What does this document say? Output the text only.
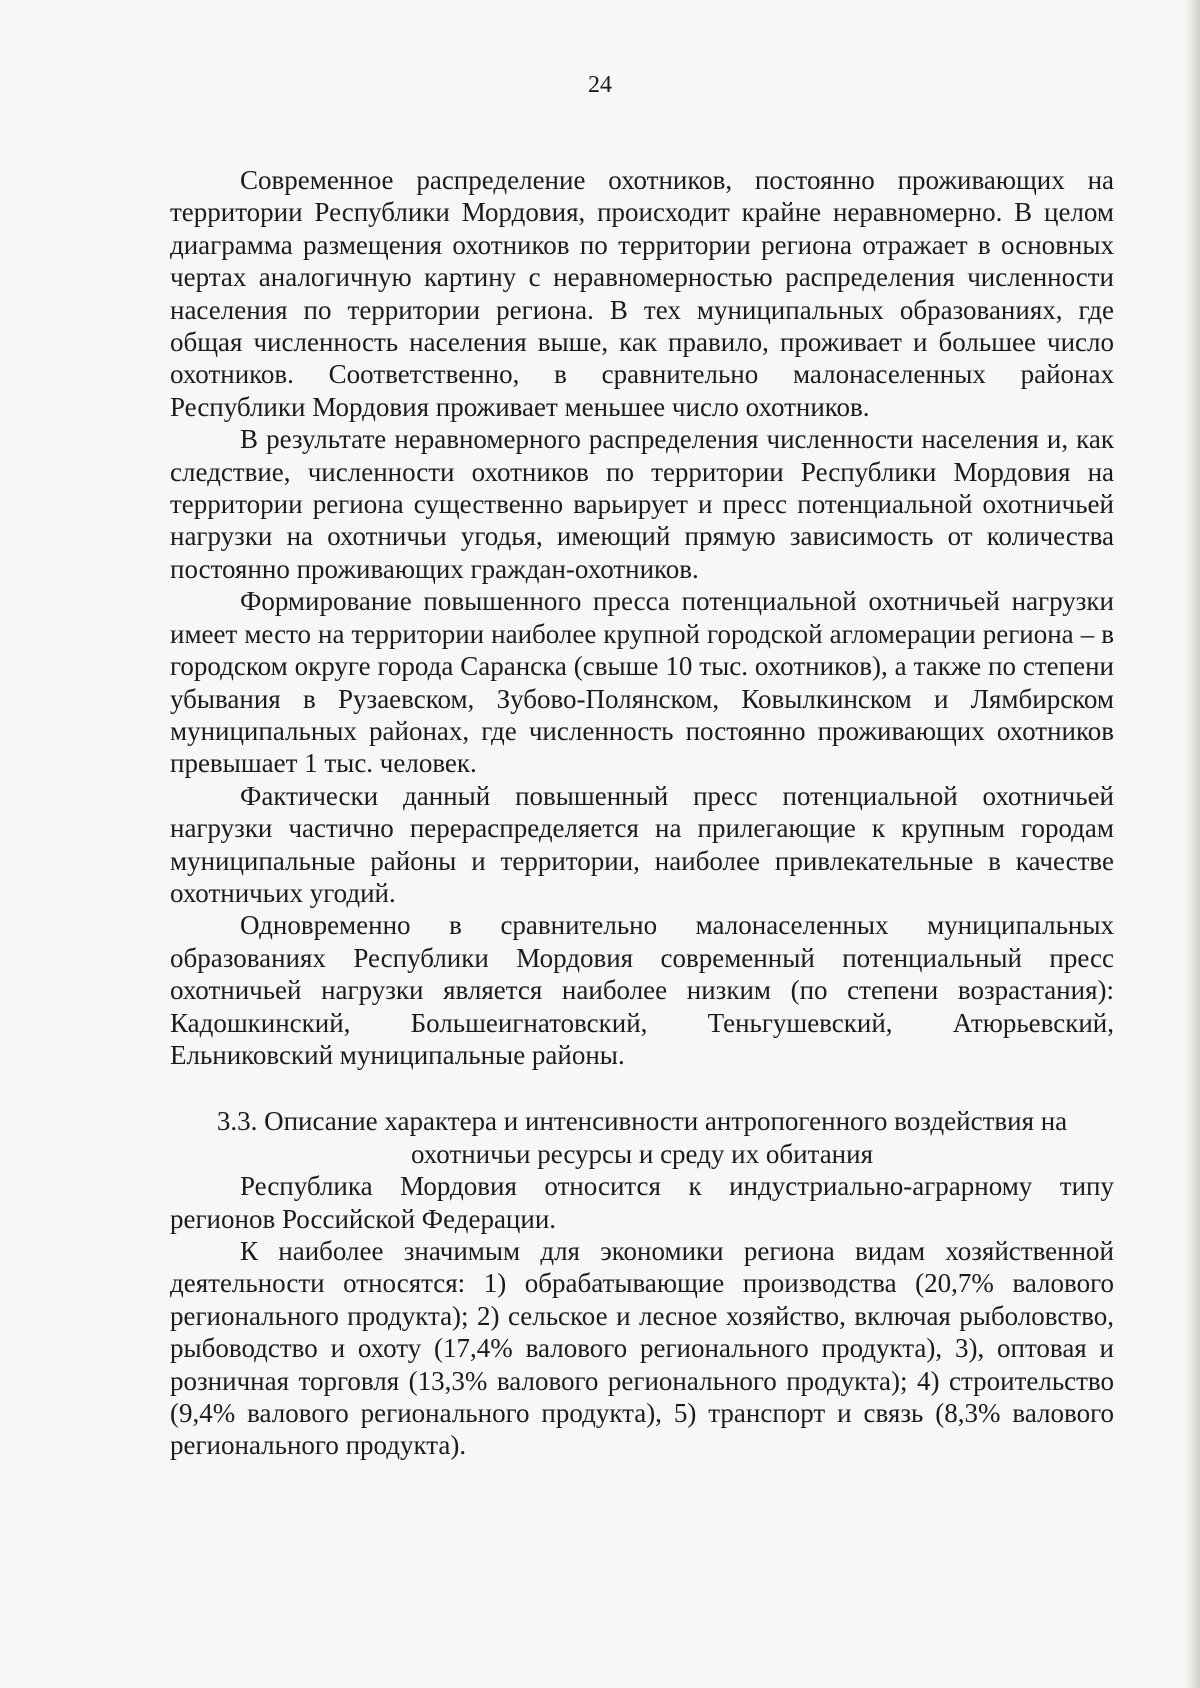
24

Современное распределение охотников, постоянно проживающих на территории Республики Мордовия, происходит крайне неравномерно. В целом диаграмма размещения охотников по территории региона отражает в основных чертах аналогичную картину с неравномерностью распределения численности населения по территории региона. В тех муниципальных образованиях, где общая численность населения выше, как правило, проживает и большее число охотников. Соответственно, в сравнительно малонаселенных районах Республики Мордовия проживает меньшее число охотников.

В результате неравномерного распределения численности населения и, как следствие, численности охотников по территории Республики Мордовия на территории региона существенно варьирует и пресс потенциальной охотничьей нагрузки на охотничьи угодья, имеющий прямую зависимость от количества постоянно проживающих граждан-охотников.

Формирование повышенного пресса потенциальной охотничьей нагрузки имеет место на территории наиболее крупной городской агломерации региона – в городском округе города Саранска (свыше 10 тыс. охотников), а также по степени убывания в Рузаевском, Зубово-Полянском, Ковылкинском и Лямбирском муниципальных районах, где численность постоянно проживающих охотников превышает 1 тыс. человек.

Фактически данный повышенный пресс потенциальной охотничьей нагрузки частично перераспределяется на прилегающие к крупным городам муниципальные районы и территории, наиболее привлекательные в качестве охотничьих угодий.

Одновременно в сравнительно малонаселенных муниципальных образованиях Республики Мордовия современный потенциальный пресс охотничьей нагрузки является наиболее низким (по степени возрастания): Кадошкинский, Большеигнатовский, Теньгушевский, Атюрьевский, Ельниковский муниципальные районы.

3.3. Описание характера и интенсивности антропогенного воздействия на охотничьи ресурсы и среду их обитания

Республика Мордовия относится к индустриально-аграрному типу регионов Российской Федерации.

К наиболее значимым для экономики региона видам хозяйственной деятельности относятся: 1) обрабатывающие производства (20,7% валового регионального продукта); 2) сельское и лесное хозяйство, включая рыболовство, рыбоводство и охоту (17,4% валового регионального продукта), 3), оптовая и розничная торговля (13,3% валового регионального продукта); 4) строительство (9,4% валового регионального продукта), 5) транспорт и связь (8,3% валового регионального продукта).
